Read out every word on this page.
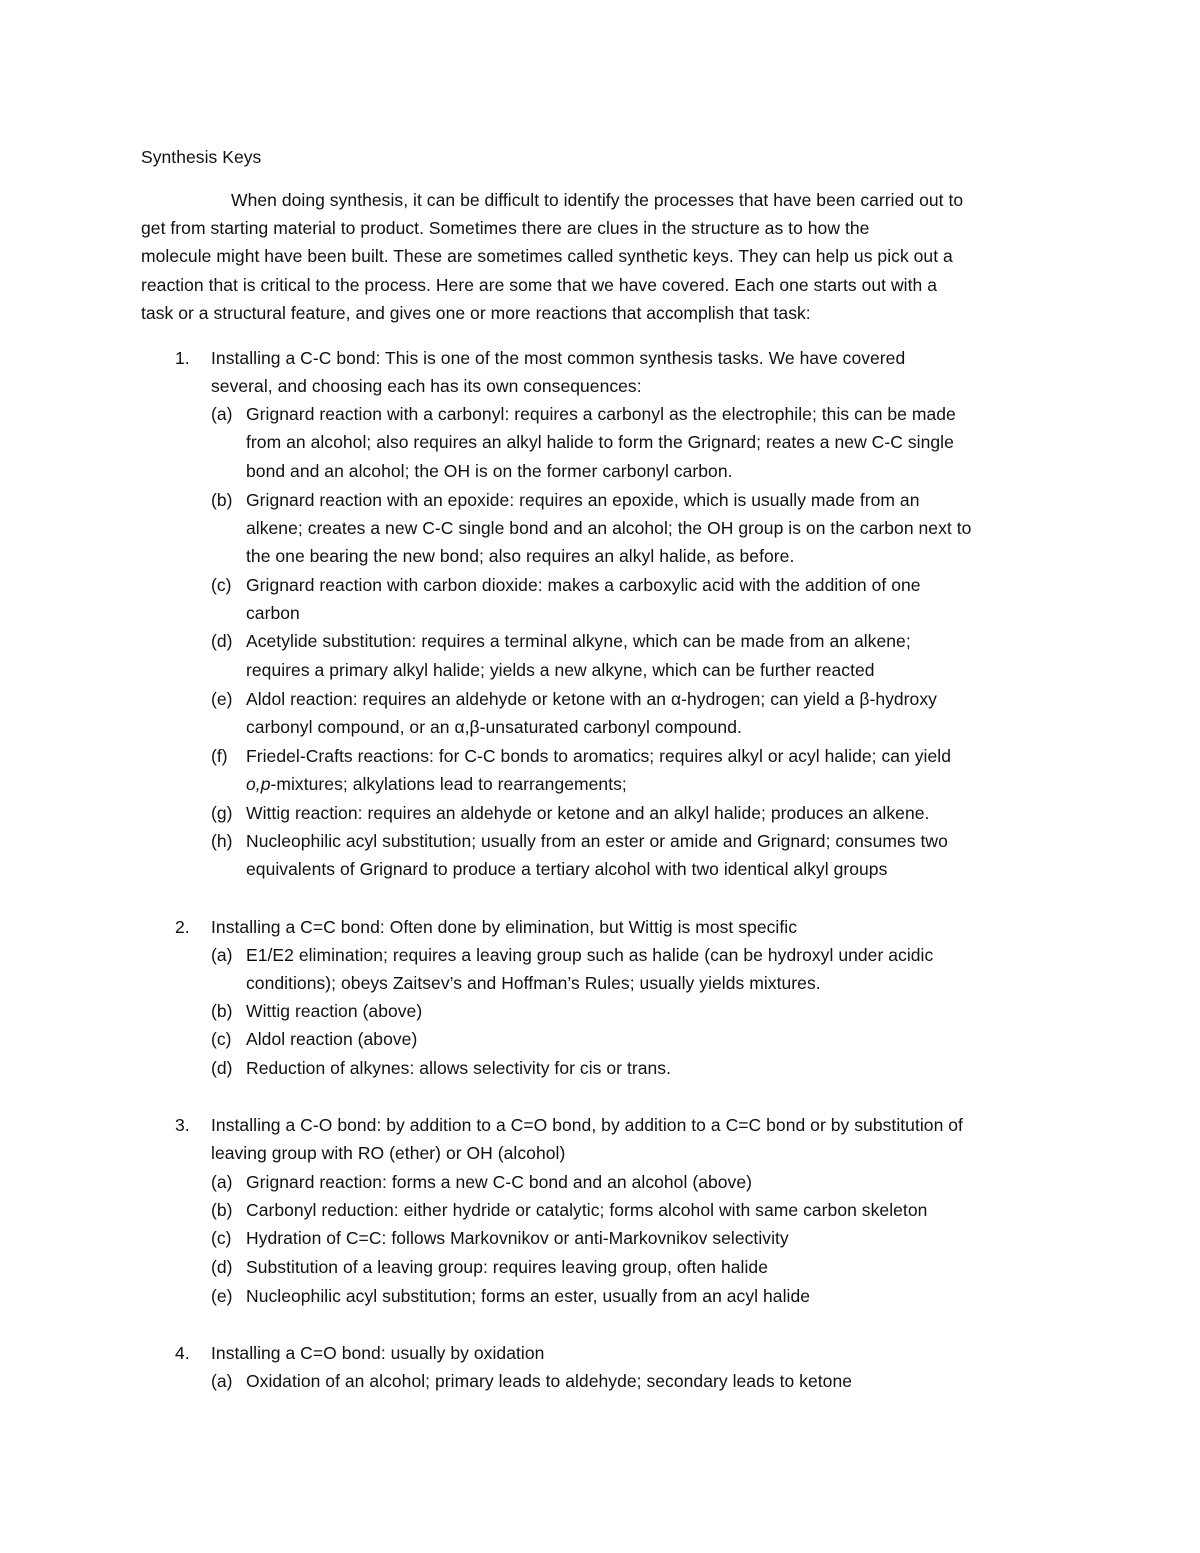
Synthesis Keys
When doing synthesis, it can be difficult to identify the processes that have been carried out to
get from starting material to product. Sometimes there are clues in the structure as to how the
molecule might have been built. These are sometimes called synthetic keys. They can help us pick out a
reaction that is critical to the process. Here are some that we have covered. Each one starts out with a
task or a structural feature, and gives one or more reactions that accomplish that task:
1. Installing a C-C bond: This is one of the most common synthesis tasks. We have covered
several, and choosing each has its own consequences:
(a) Grignard reaction with a carbonyl: requires a carbonyl as the electrophile; this can be made
from an alcohol; also requires an alkyl halide to form the Grignard; reates a new C-C single
bond and an alcohol; the OH is on the former carbonyl carbon.
(b) Grignard reaction with an epoxide: requires an epoxide, which is usually made from an
alkene; creates a new C-C single bond and an alcohol; the OH group is on the carbon next to
the one bearing the new bond; also requires an alkyl halide, as before.
(c) Grignard reaction with carbon dioxide: makes a carboxylic acid with the addition of one
carbon
(d) Acetylide substitution: requires a terminal alkyne, which can be made from an alkene;
requires a primary alkyl halide; yields a new alkyne, which can be further reacted
(e) Aldol reaction: requires an aldehyde or ketone with an α-hydrogen; can yield a β-hydroxy
carbonyl compound, or an α,β-unsaturated carbonyl compound.
(f) Friedel-Crafts reactions: for C-C bonds to aromatics; requires alkyl or acyl halide; can yield
o,p-mixtures; alkylations lead to rearrangements;
(g) Wittig reaction: requires an aldehyde or ketone and an alkyl halide; produces an alkene.
(h) Nucleophilic acyl substitution; usually from an ester or amide and Grignard; consumes two
equivalents of Grignard to produce a tertiary alcohol with two identical alkyl groups
2. Installing a C=C bond: Often done by elimination, but Wittig is most specific
(a) E1/E2 elimination; requires a leaving group such as halide (can be hydroxyl under acidic
conditions); obeys Zaitsev’s and Hoffman’s Rules; usually yields mixtures.
(b) Wittig reaction (above)
(c) Aldol reaction (above)
(d) Reduction of alkynes: allows selectivity for cis or trans.
3. Installing a C-O bond: by addition to a C=O bond, by addition to a C=C bond or by substitution of
leaving group with RO (ether) or OH (alcohol)
(a) Grignard reaction: forms a new C-C bond and an alcohol (above)
(b) Carbonyl reduction: either hydride or catalytic; forms alcohol with same carbon skeleton
(c) Hydration of C=C: follows Markovnikov or anti-Markovnikov selectivity
(d) Substitution of a leaving group: requires leaving group, often halide
(e) Nucleophilic acyl substitution; forms an ester, usually from an acyl halide
4. Installing a C=O bond: usually by oxidation
(a) Oxidation of an alcohol; primary leads to aldehyde; secondary leads to ketone
